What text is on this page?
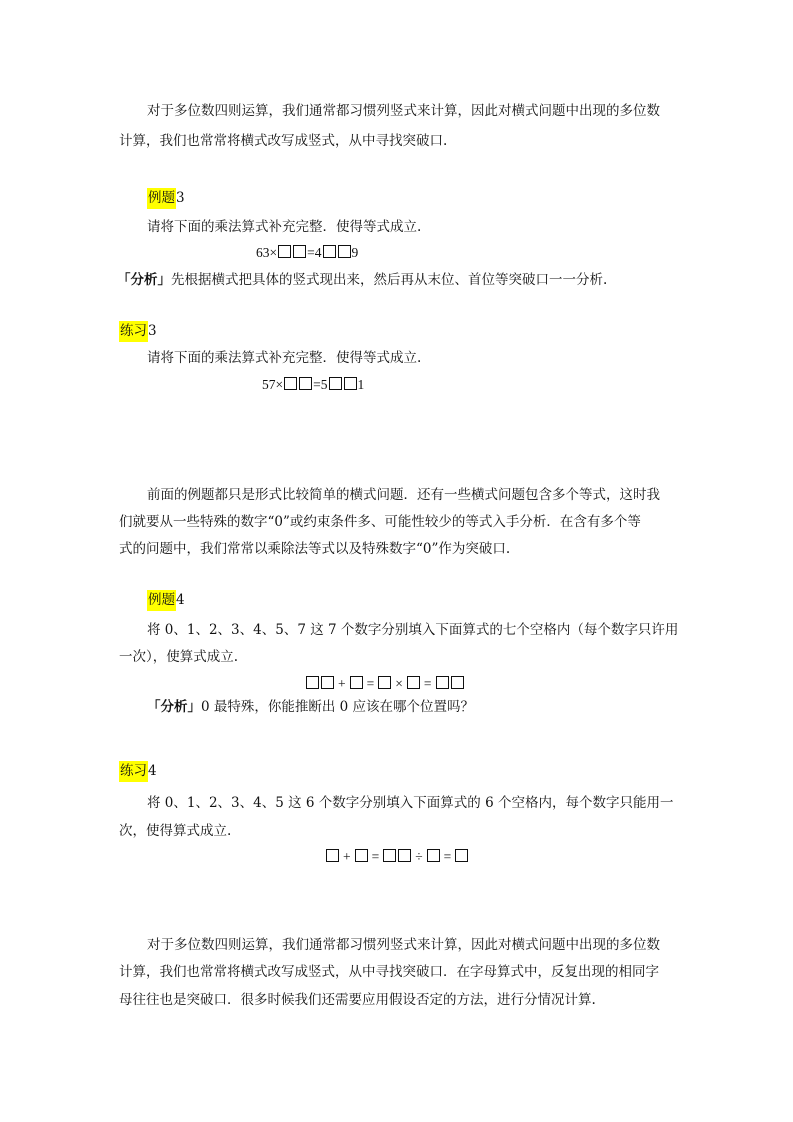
对于多位数四则运算，我们通常都习惯列竖式来计算，因此对横式问题中出现的多位数
计算，我们也常常将横式改写成竖式，从中寻找突破口.
例题3
请将下面的乘法算式补充完整．使得等式成立.
63× =4 9
「分析」先根据横式把具体的竖式现出来，然后再从末位、首位等突破口一一分析.
练习3
请将下面的乘法算式补充完整．使得等式成立.
57× =5 1
前面的例题都只是形式比较简单的横式问题．还有一些横式问题包含多个等式，这时我
们就要从一些特殊的数字“0”或约束条件多、可能性较少的等式入手分析．在含有多个等
式的问题中，我们常常以乘除法等式以及特殊数字“0”作为突破口.
例题4
将 0、1、2、3、4、5、7 这 7 个数字分别填入下面算式的七个空格内（每个数字只许用
一次），使算式成立.
+ = × =
「分析」0 最特殊，你能推断出 0 应该在哪个位置吗？
练习4
将 0、1、2、3、4、5 这 6 个数字分别填入下面算式的 6 个空格内，每个数字只能用一
次，使得算式成立.
+ =	÷ =
对于多位数四则运算，我们通常都习惯列竖式来计算，因此对横式问题中出现的多位数
计算，我们也常常将横式改写成竖式，从中寻找突破口．在字母算式中，反复出现的相同字
母往往也是突破口．很多时候我们还需要应用假设否定的方法，进行分情况计算.
